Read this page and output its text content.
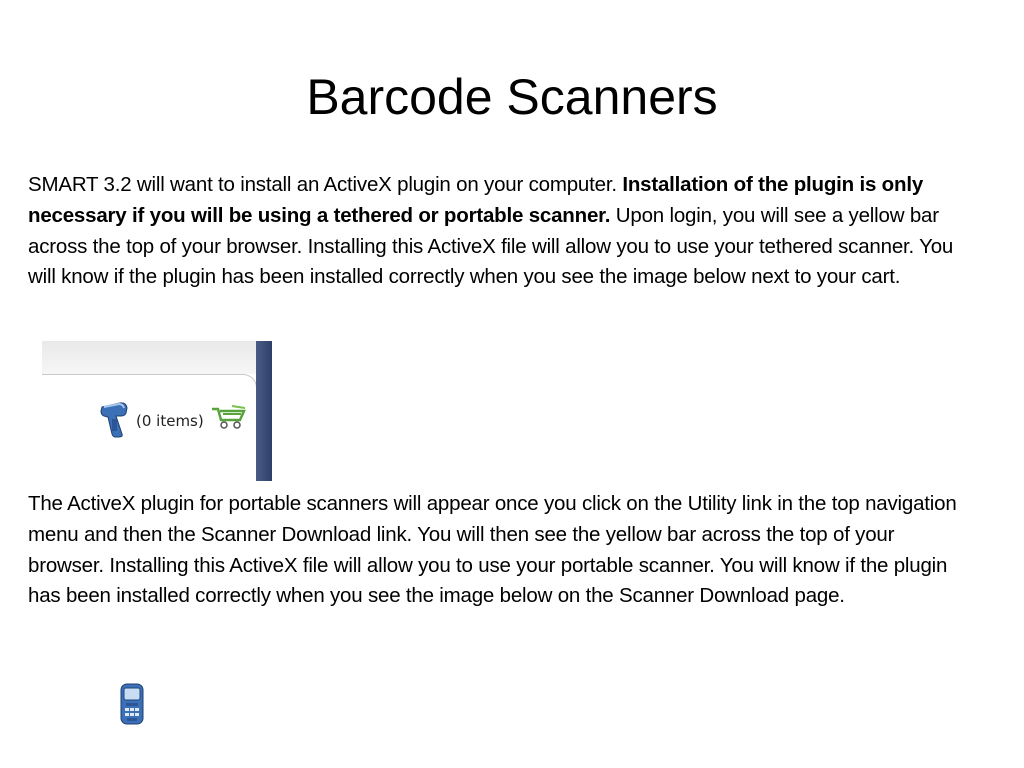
Barcode Scanners

SMART 3.2 will want to install an ActiveX plugin on your computer. Installation of the plugin is only necessary if you will be using a tethered or portable scanner. Upon login, you will see a yellow bar across the top of your browser. Installing this ActiveX file will allow you to use your tethered scanner. You will know if the plugin has been installed correctly when you see the image below next to your cart.

(0 items)

The ActiveX plugin for portable scanners will appear once you click on the Utility link in the top navigation menu and then the Scanner Download link. You will then see the yellow bar across the top of your browser. Installing this ActiveX file will allow you to use your portable scanner. You will know if the plugin has been installed correctly when you see the image below on the Scanner Download page.
